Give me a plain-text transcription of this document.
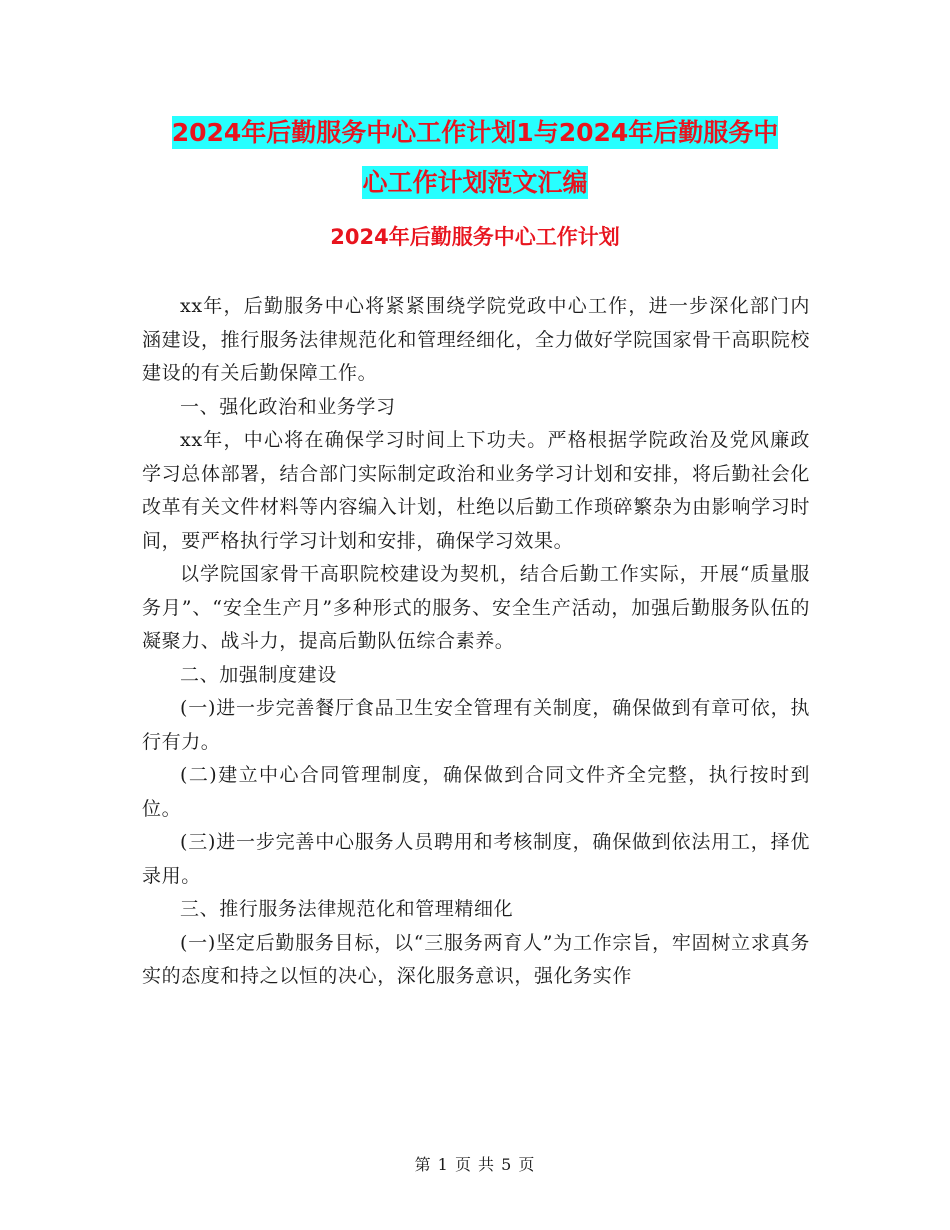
2024年后勤服务中心工作计划1与2024年后勤服务中
心工作计划范文汇编
2024年后勤服务中心工作计划

xx年，后勤服务中心将紧紧围绕学院党政中心工作，进一步深化部门内涵建设，推行服务法律规范化和管理经细化，全力做好学院国家骨干高职院校建设的有关后勤保障工作。

一、强化政治和业务学习

xx年，中心将在确保学习时间上下功夫。严格根据学院政治及党风廉政学习总体部署，结合部门实际制定政治和业务学习计划和安排，将后勤社会化改革有关文件材料等内容编入计划，杜绝以后勤工作琐碎繁杂为由影响学习时间，要严格执行学习计划和安排，确保学习效果。

以学院国家骨干高职院校建设为契机，结合后勤工作实际，开展“质量服务月”、“安全生产月”多种形式的服务、安全生产活动，加强后勤服务队伍的凝聚力、战斗力，提高后勤队伍综合素养。

二、加强制度建设

(一)进一步完善餐厅食品卫生安全管理有关制度，确保做到有章可依，执行有力。

(二)建立中心合同管理制度，确保做到合同文件齐全完整，执行按时到位。

(三)进一步完善中心服务人员聘用和考核制度，确保做到依法用工，择优录用。

三、推行服务法律规范化和管理精细化

(一)坚定后勤服务目标，以“三服务两育人”为工作宗旨，牢固树立求真务实的态度和持之以恒的决心，深化服务意识，强化务实作

第 1 页 共 5 页
